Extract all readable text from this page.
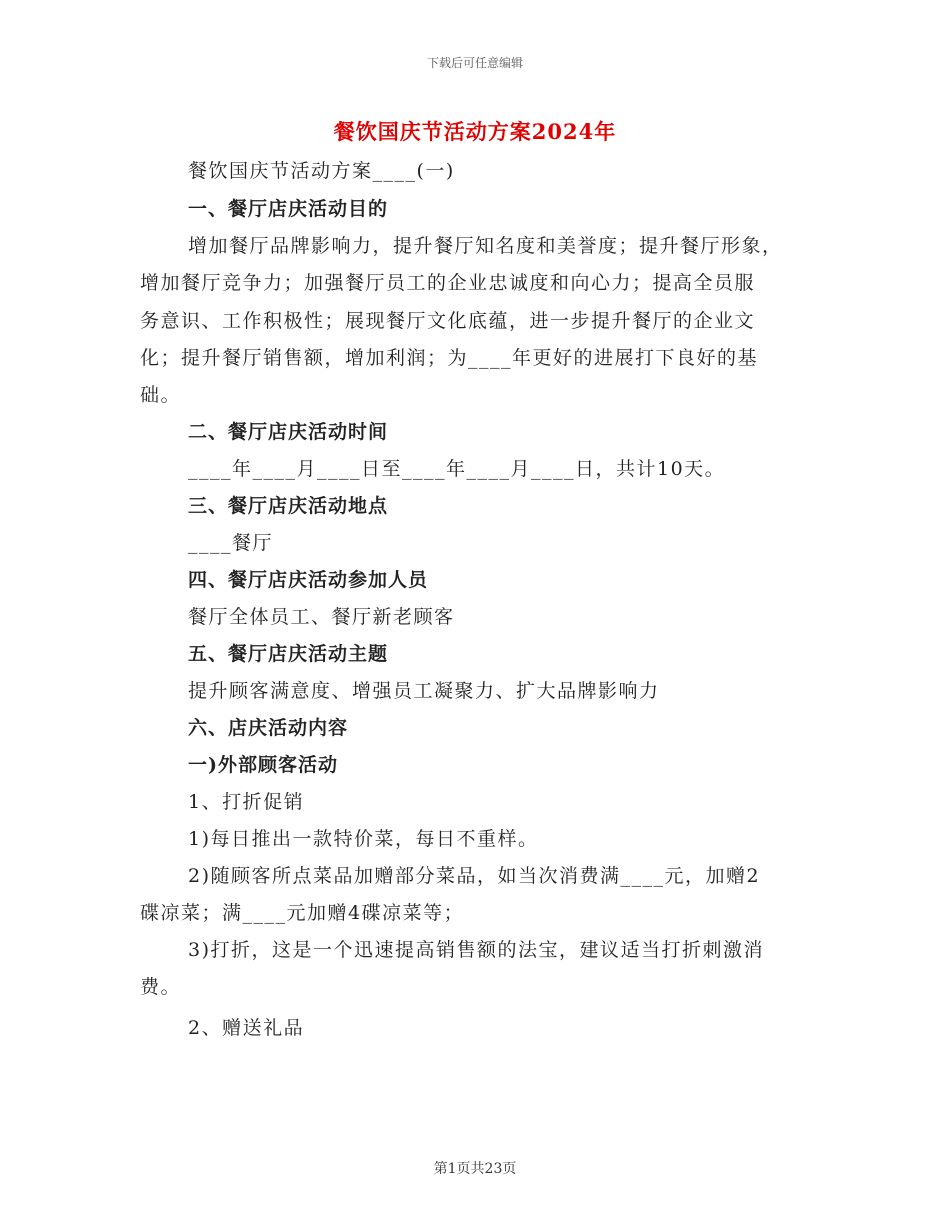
下载后可任意编辑
餐饮国庆节活动方案2024年
餐饮国庆节活动方案____(一)
一、餐厅店庆活动目的
增加餐厅品牌影响力，提升餐厅知名度和美誉度；提升餐厅形象，
增加餐厅竞争力；加强餐厅员工的企业忠诚度和向心力；提高全员服
务意识、工作积极性；展现餐厅文化底蕴，进一步提升餐厅的企业文
化；提升餐厅销售额，增加利润；为____年更好的进展打下良好的基
础。
二、餐厅店庆活动时间
____年____月____日至____年____月____日，共计10天。
三、餐厅店庆活动地点
____餐厅
四、餐厅店庆活动参加人员
餐厅全体员工、餐厅新老顾客
五、餐厅店庆活动主题
提升顾客满意度、增强员工凝聚力、扩大品牌影响力
六、店庆活动内容
一)外部顾客活动
1、打折促销
1)每日推出一款特价菜，每日不重样。
2)随顾客所点菜品加赠部分菜品，如当次消费满____元，加赠2
碟凉菜；满____元加赠4碟凉菜等；
3)打折，这是一个迅速提高销售额的法宝，建议适当打折刺激消
费。
2、赠送礼品
第1页共23页
